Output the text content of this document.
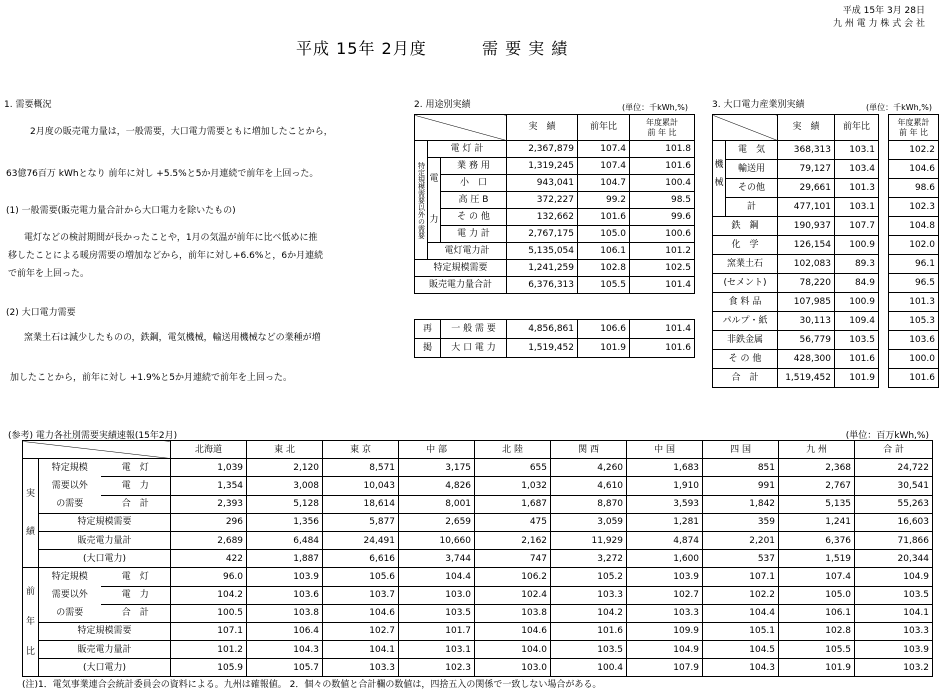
平成 15年 3月 28日
九 州 電 力 株 式 会 社
平成 15年 2月度	需 要 実 績
1. 需要概況
2月度の販売電力量は，一般需要，大口電力需要ともに増加したことから，
63億76百万 kWhとなり 前年に対し +5.5%と5か月連続で前年を上回った。
(1) 一般需要(販売電力量合計から大口電力を除いたもの)
電灯などの検討期間が長かったことや，1月の気温が前年に比べ低めに推
移したことによる暖房需要の増加などから，前年に対し+6.6%と，6か月連続
で前年を上回った。
(2) 大口電力需要
窯業土石は減少したものの，鉄鋼，電気機械，輸送用機械などの業種が増
加したことから，前年に対し +1.9%と5か月連続で前年を上回った。
2. 用途別実績	(単位：千kWh,%)
			実　績	前年比	年度累計
前 年 比

特定規模需要以外の需要	電 灯 計		2,367,879	107.4	101.8

	電
力	業 務 用	1,319,245	107.4	101.6
		小　口	943,041	104.7	100.4
		高 圧 B	372,227	99.2	98.5
		そ の 他	132,662	101.6	99.6
		電 力 計	2,767,175	105.0	100.6
	電灯電力計		5,135,054	106.1	101.2
特定規模需要			1,241,259	102.8	102.5
販売電力量合計			6,376,313	105.5	101.4
再	一 般 需 要	4,856,861	106.6	101.4
掲	大 口 電 力	1,519,452	101.9	101.6
3. 大口電力産業別実績	(単位：千kWh,%)
		実　績	前年比		年度累計
前 年 比

機
械	電　気	368,313	103.1		102.2
	輸送用	79,127	103.4		104.6
	その他	29,661	101.3		98.6
	計	477,101	103.1		102.3
鉄　鋼		190,937	107.7		104.8
化　学		126,154	100.9		102.0
窯業土石		102,083	89.3		96.1
(セメント)		78,220	84.9		96.5
食 料 品		107,985	100.9		101.3
パルプ・紙		30,113	109.4		105.3
非鉄金属		56,779	103.5		103.6
そ の 他		428,300	101.6		100.0
合　計		1,519,452	101.9		101.6
(参考) 電力各社別需要実績速報(15年2月)	(単位：百万kWh,%)
			北海道	東 北	東 京	中 部	北 陸	関 西	中 国	四 国	九 州	合 計

実
績	特定規模	電　灯	1,039	2,120	8,571	3,175	655	4,260	1,683	851	2,368	24,722
	需要以外	電　力	1,354	3,008	10,043	4,826	1,032	4,610	1,910	991	2,767	30,541
	の需要	合　計	2,393	5,128	18,614	8,001	1,687	8,870	3,593	1,842	5,135	55,263
	特定規模需要		296	1,356	5,877	2,659	475	3,059	1,281	359	1,241	16,603
	販売電力量計		2,689	6,484	24,491	10,660	2,162	11,929	4,874	2,201	6,376	71,866
	(大口電力)		422	1,887	6,616	3,744	747	3,272	1,600	537	1,519	20,344

前
年
比	特定規模	電　灯	96.0	103.9	105.6	104.4	106.2	105.2	103.9	107.1	107.4	104.9
	需要以外	電　力	104.2	103.6	103.7	103.0	102.4	103.3	102.7	102.2	105.0	103.5
	の需要	合　計	100.5	103.8	104.6	103.5	103.8	104.2	103.3	104.4	106.1	104.1
	特定規模需要		107.1	106.4	102.7	101.7	104.6	101.6	109.9	105.1	102.8	103.3
	販売電力量計		101.2	104.3	104.1	103.1	104.0	103.5	104.9	104.5	105.5	103.9
	(大口電力)		105.9	105.7	103.3	102.3	103.0	100.4	107.9	104.3	101.9	103.2
(注)1．電気事業連合会統計委員会の資料による。九州は確報値。 2．個々の数値と合計欄の数値は，四捨五入の関係で一致しない場合がある。
